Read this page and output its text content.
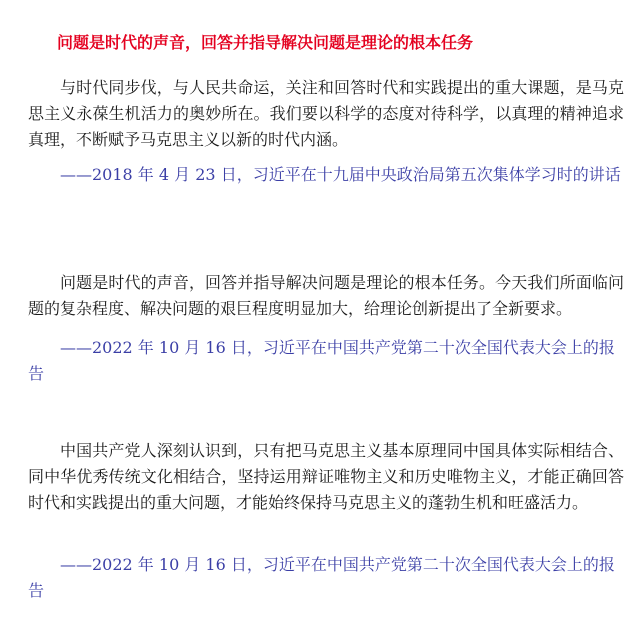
问题是时代的声音，回答并指导解决问题是理论的根本任务
与时代同步伐，与人民共命运，关注和回答时代和实践提出的重大课题，是马克思主义永葆生机活力的奥妙所在。我们要以科学的态度对待科学，以真理的精神追求真理，不断赋予马克思主义以新的时代内涵。
——2018 年 4 月 23 日，习近平在十九届中央政治局第五次集体学习时的讲话
问题是时代的声音，回答并指导解决问题是理论的根本任务。今天我们所面临问题的复杂程度、解决问题的艰巨程度明显加大，给理论创新提出了全新要求。
——2022 年 10 月 16 日，习近平在中国共产党第二十次全国代表大会上的报告
中国共产党人深刻认识到，只有把马克思主义基本原理同中国具体实际相结合、同中华优秀传统文化相结合，坚持运用辩证唯物主义和历史唯物主义，才能正确回答时代和实践提出的重大问题，才能始终保持马克思主义的蓬勃生机和旺盛活力。
——2022 年 10 月 16 日，习近平在中国共产党第二十次全国代表大会上的报告
